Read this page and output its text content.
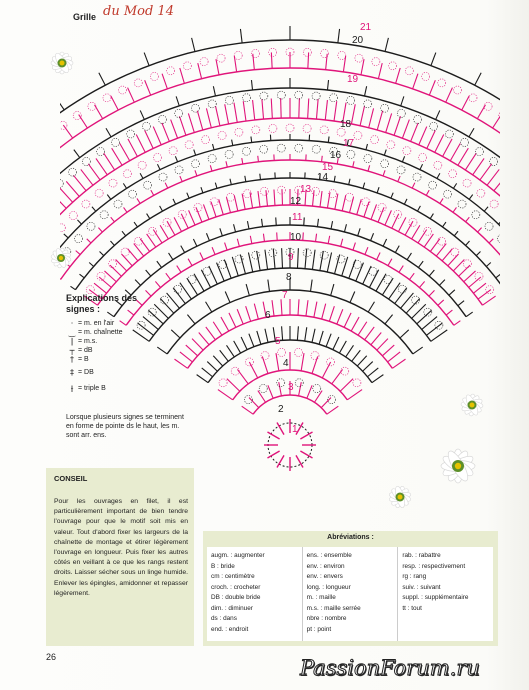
Grille du Mod 14
21
20
19
18
17
16
15
14
13
12
11
10
9
8
7
6
5
4
3
2
1
Explications des signes :
· = m. en l'air
‿ = m. chaînette
ǀ = m.s.
┬ = dB
† = B
‡ = DB
⫲ = triple B
Lorsque plusieurs signes se terminent en forme de pointe ds le haut, les m. sont arr. ens.
CONSEIL
Pour les ouvrages en filet, il est particulièrement important de bien tendre l'ouvrage pour que le motif soit mis en valeur. Tout d'abord fixer les largeurs de la chaînette de montage et étirer légèrement l'ouvrage en longueur. Puis fixer les autres côtés en veillant à ce que les rangs restent droits. Laisser sécher sous un linge humide. Enlever les épingles, amidonner et repasser légèrement.
Abréviations :
augm. : augmenter
B : bride
cm : centimètre
croch. : crocheter
DB : double bride
dim. : diminuer
ds : dans
end. : endroit
ens. : ensemble
env. : environ
env. : envers
long. : longueur
m. : maille
m.s. : maille serrée
nbre : nombre
pt : point
rab. : rabattre
resp. : respectivement
rg : rang
suiv. : suivant
suppl. : supplémentaire
tt : tout
26	PassionForum.ru
